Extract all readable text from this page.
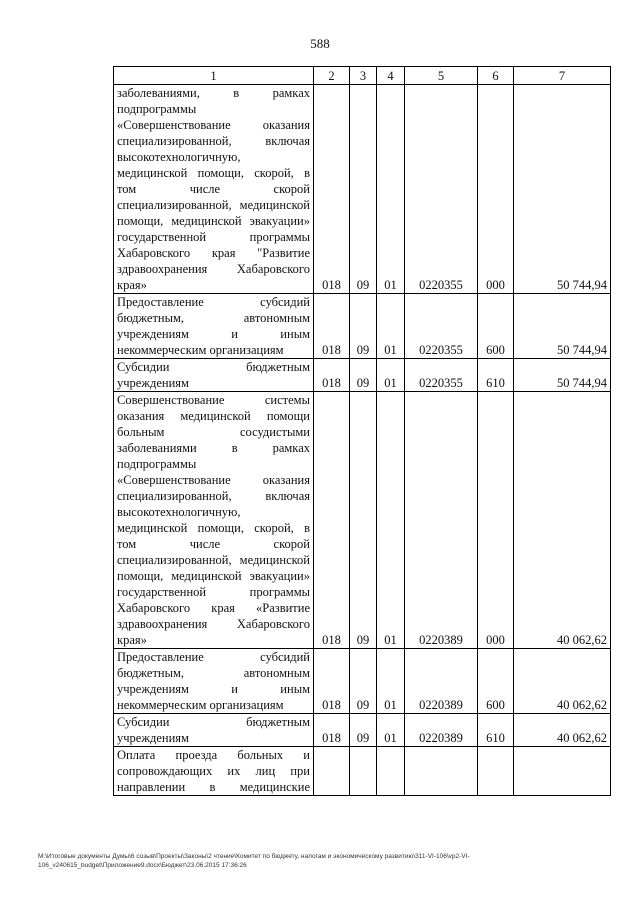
588
1	2	3	4	5	6	7

заболеваниями, в рамках подпрограммы «Совершенствование оказания специализированной, включая высокотехнологичную, медицинской помощи, скорой, в том числе скорой специализированной, медицинской помощи, медицинской эвакуации» государственной программы Хабаровского края "Развитие здравоохранения Хабаровского края»	018	09	01	0220355	000	50 744,94

Предоставление субсидий бюджетным, автономным учреждениям и иным некоммерческим организациям	018	09	01	0220355	600	50 744,94

Субсидии бюджетным учреждениям	018	09	01	0220355	610	50 744,94

Совершенствование системы оказания медицинской помощи больным сосудистыми заболеваниями в рамках подпрограммы «Совершенствование оказания специализированной, включая высокотехнологичную, медицинской помощи, скорой, в том числе скорой специализированной, медицинской помощи, медицинской эвакуации» государственной программы Хабаровского края «Развитие здравоохранения Хабаровского края»	018	09	01	0220389	000	40 062,62

Предоставление субсидий бюджетным, автономным учреждениям и иным некоммерческим организациям	018	09	01	0220389	600	40 062,62

Субсидии бюджетным учреждениям	018	09	01	0220389	610	40 062,62

Оплата проезда больных и сопровождающих их лиц при направлении в медицинские						

M:\Итоговые документы Думы\6 созыв\Проекты\Законы\2 чтение\Комитет по бюджету, налогам и экономическому развитию\311-VI-106\vp2-VI-106_v240615_budget\Приложение9.docx\Бюджет\23.06.2015 17:36:26
